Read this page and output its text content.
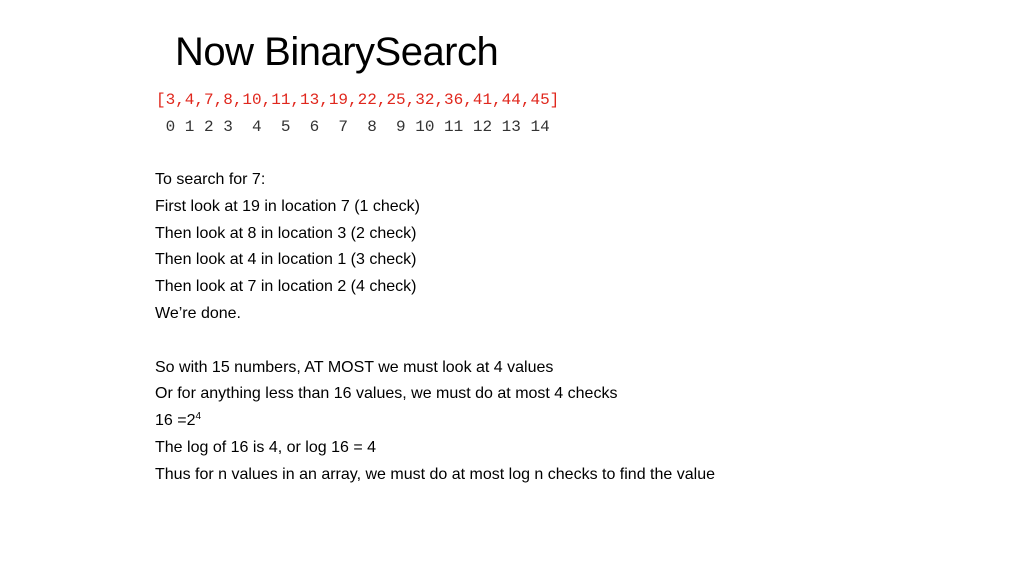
Now BinarySearch
[3,4,7,8,10,11,13,19,22,25,32,36,41,44,45]
0 1 2 3  4  5  6  7  8  9 10 11 12 13 14
To search for 7:
First look at 19 in location 7 (1 check)
Then look at 8 in location 3 (2 check)
Then look at 4 in location 1 (3 check)
Then look at 7 in location 2 (4 check)
We’re done.
So with 15 numbers, AT MOST we must look at 4 values
Or for anything less than 16 values, we must do at most 4 checks
$16 =2^4$
The log of 16 is 4, or log 16 = 4
Thus for n values in an array, we must do at most log n checks to find the value
